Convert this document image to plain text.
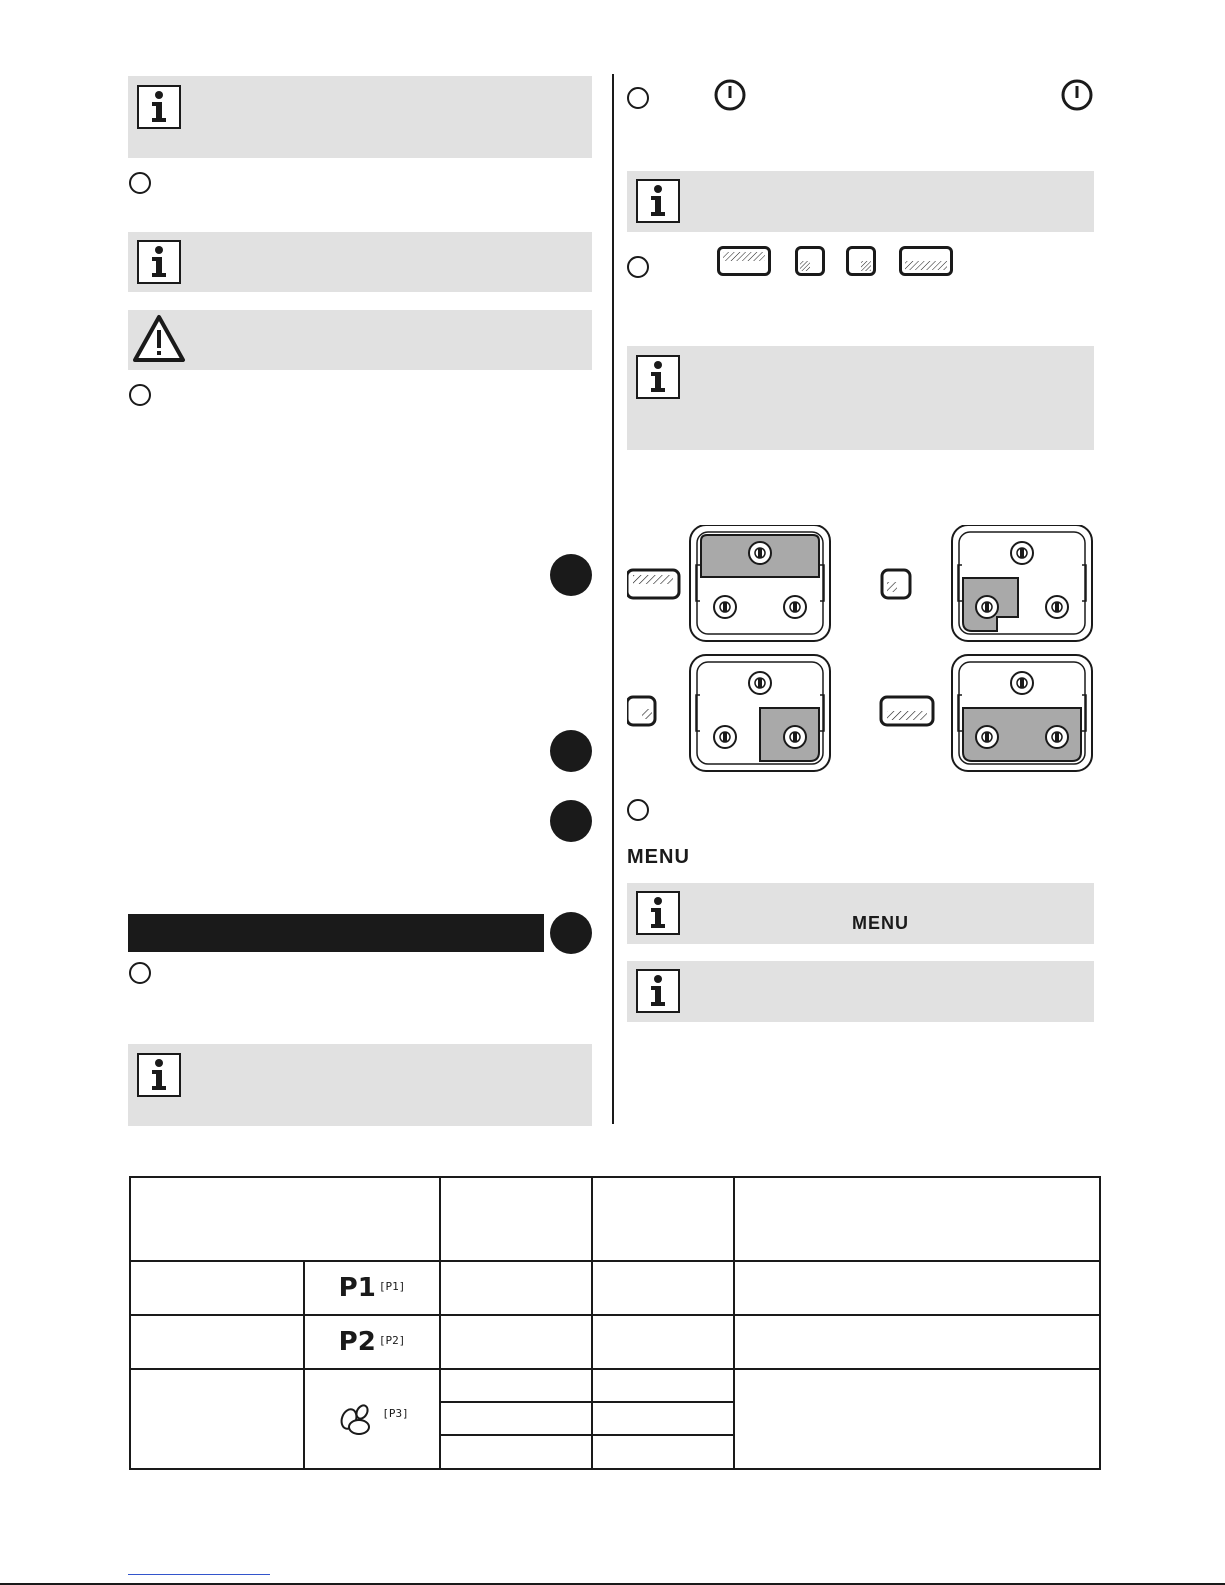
MENU
MENU

	P1 [P1]			
	P2 [P2]			
	[P3]			
